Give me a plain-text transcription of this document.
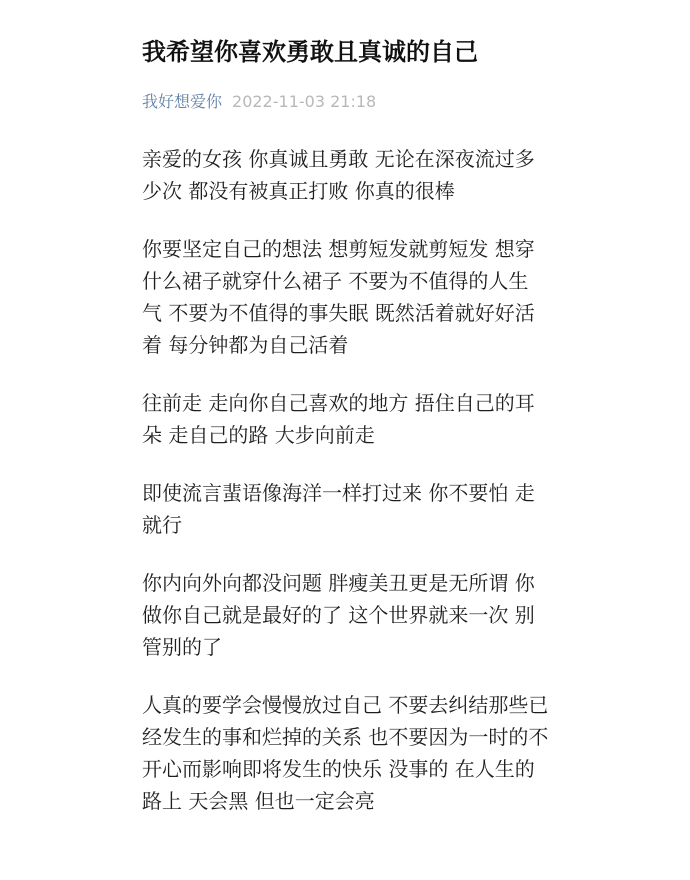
我希望你喜欢勇敢且真诚的自己
我好想爱你 2022-11-03 21:18

亲爱的女孩 你真诚且勇敢 无论在深夜流过多
少次 都没有被真正打败 你真的很棒

你要坚定自己的想法 想剪短发就剪短发 想穿
什么裙子就穿什么裙子 不要为不值得的人生
气 不要为不值得的事失眠 既然活着就好好活
着 每分钟都为自己活着

往前走 走向你自己喜欢的地方 捂住自己的耳
朵 走自己的路 大步向前走

即使流言蜚语像海洋一样打过来 你不要怕 走
就行

你内向外向都没问题 胖瘦美丑更是无所谓 你
做你自己就是最好的了 这个世界就来一次 别
管别的了

人真的要学会慢慢放过自己 不要去纠结那些已
经发生的事和烂掉的关系 也不要因为一时的不
开心而影响即将发生的快乐 没事的 在人生的
路上 天会黑 但也一定会亮
